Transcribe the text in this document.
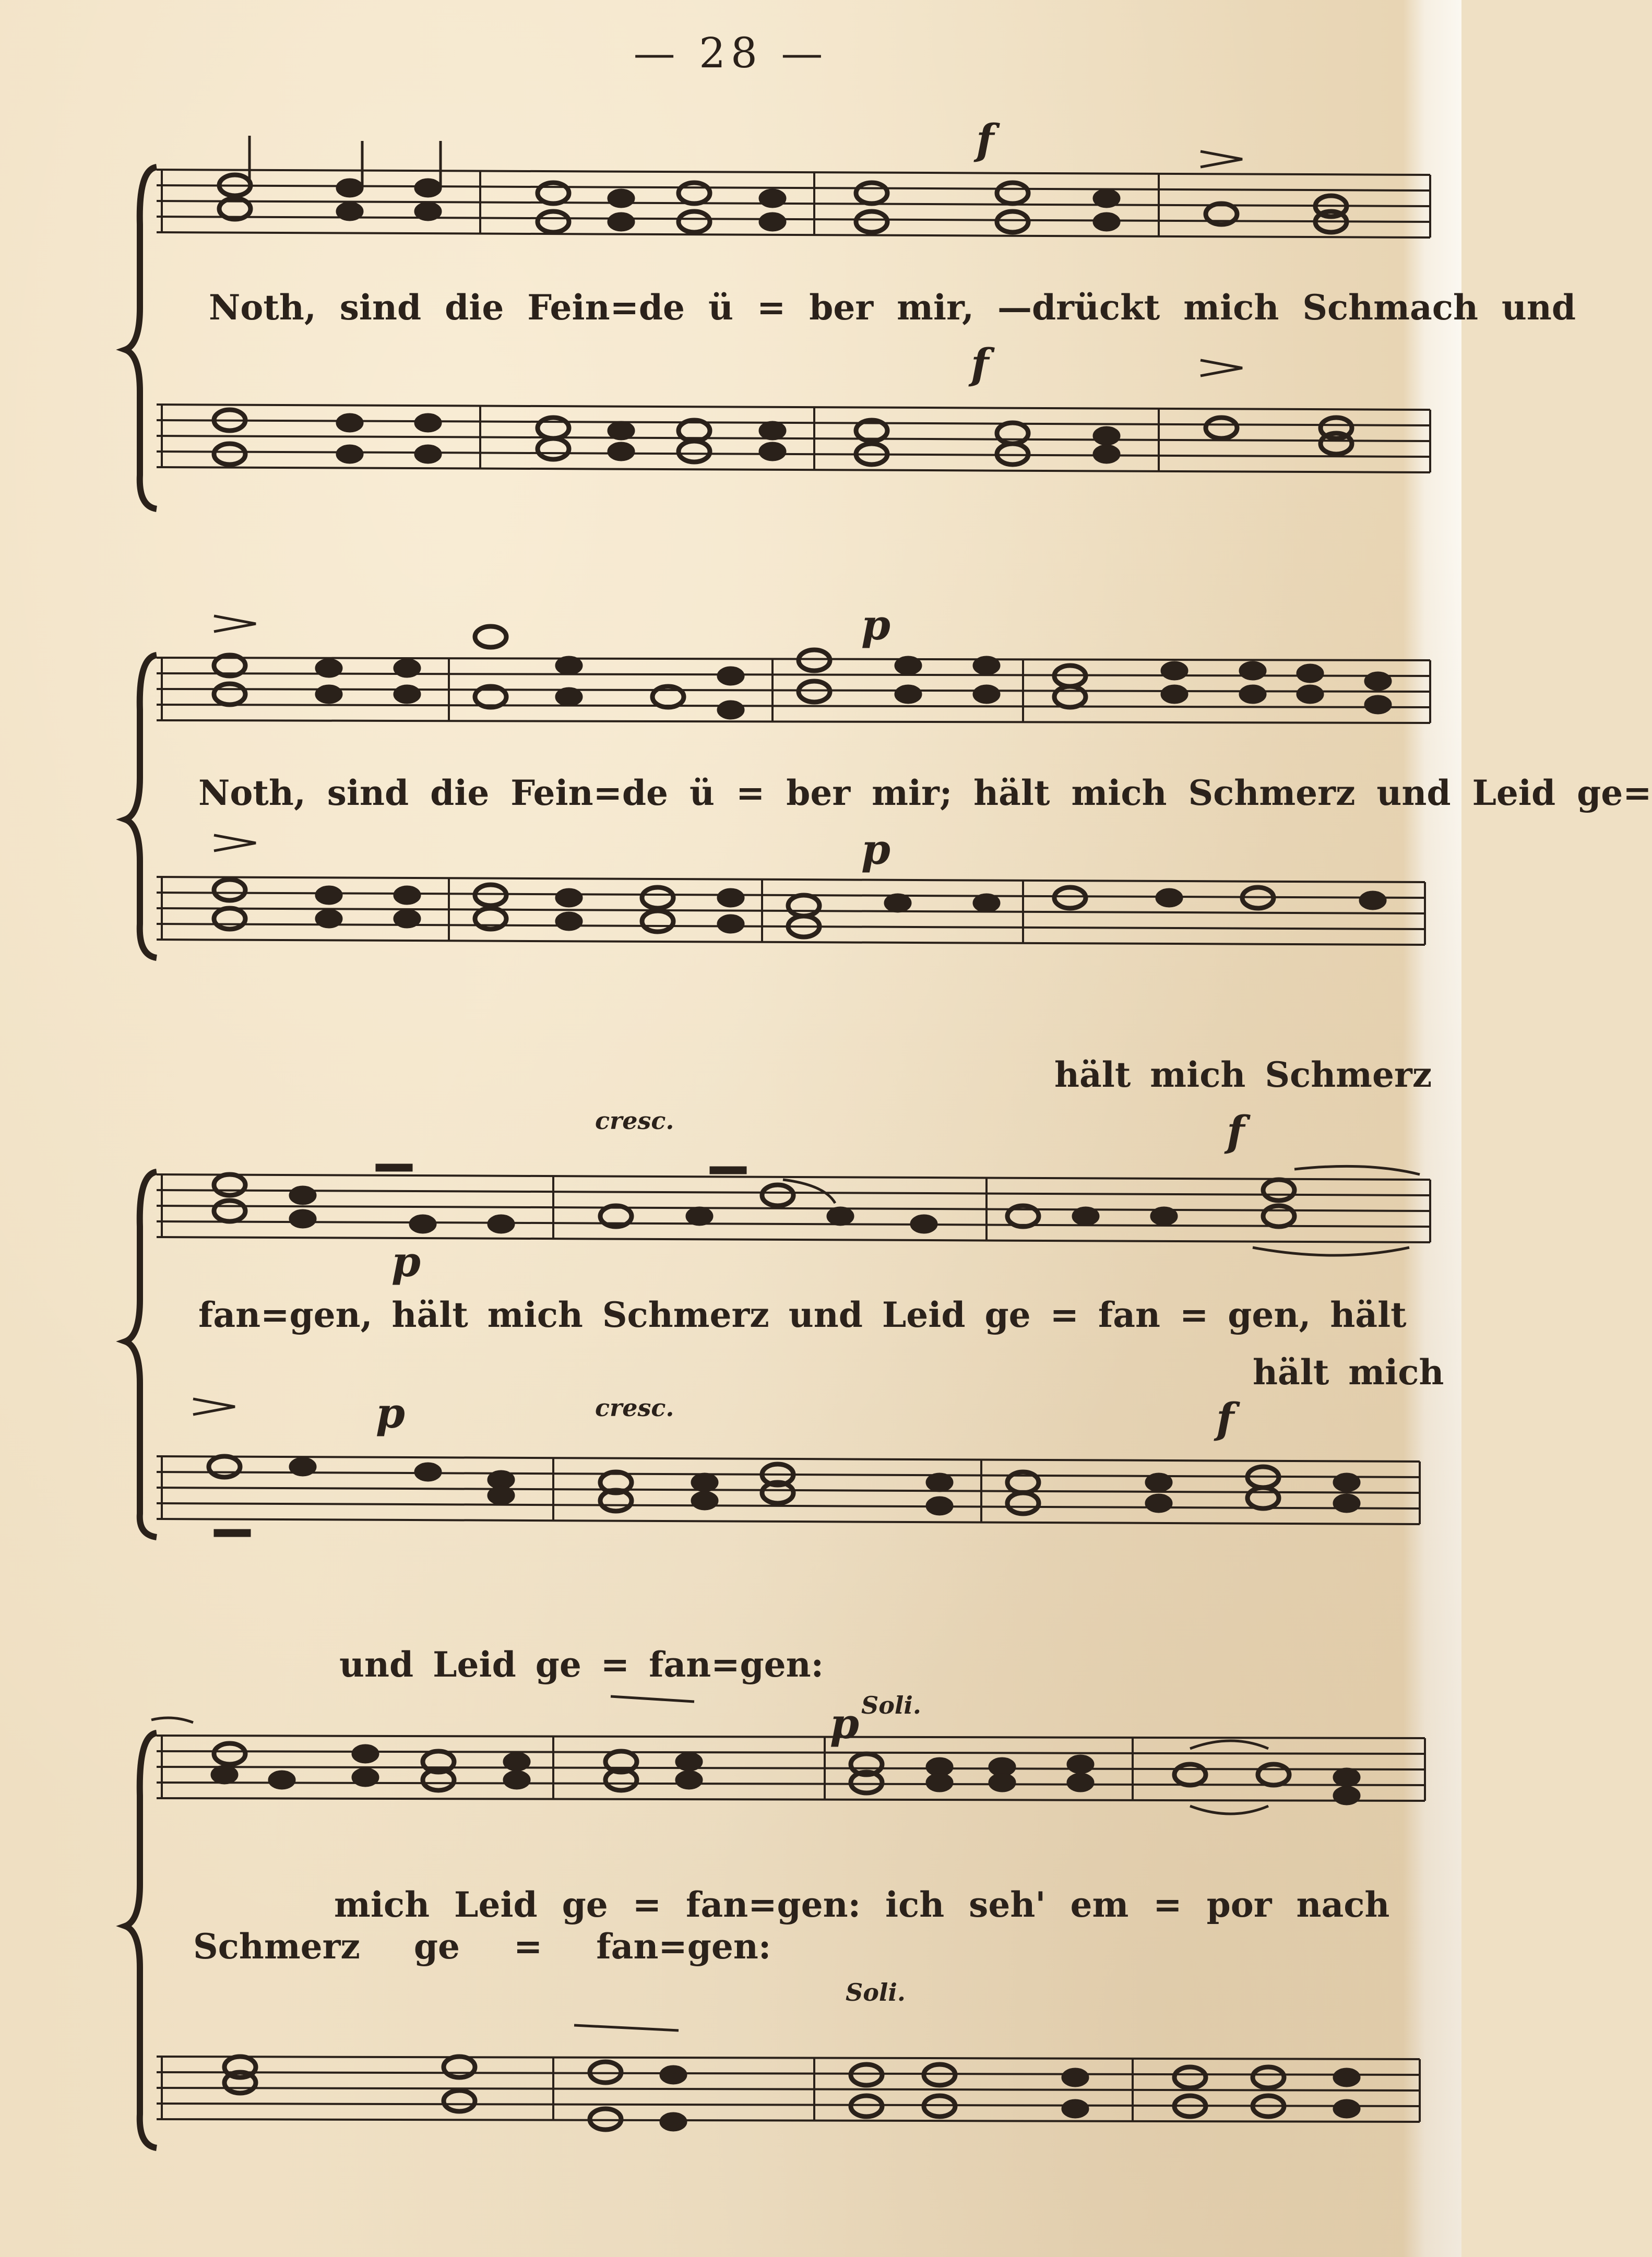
— 28 —
Noth, sind die Fein=de ü = ber mir, —drückt mich Schmach und
f
f
Noth, sind die Fein=de ü = ber mir; hält mich Schmerz und Leid ge=
p
p
hält mich Schmerz
fan=gen, hält mich Schmerz und Leid ge = fan = gen, hält
hält mich
cresc.	f
p
p	cresc.	f
und Leid ge = fan=gen:
mich Leid ge = fan=gen: ich seh' em = por nach
Schmerz ge = fan=gen:
p Soli.
Soli.
